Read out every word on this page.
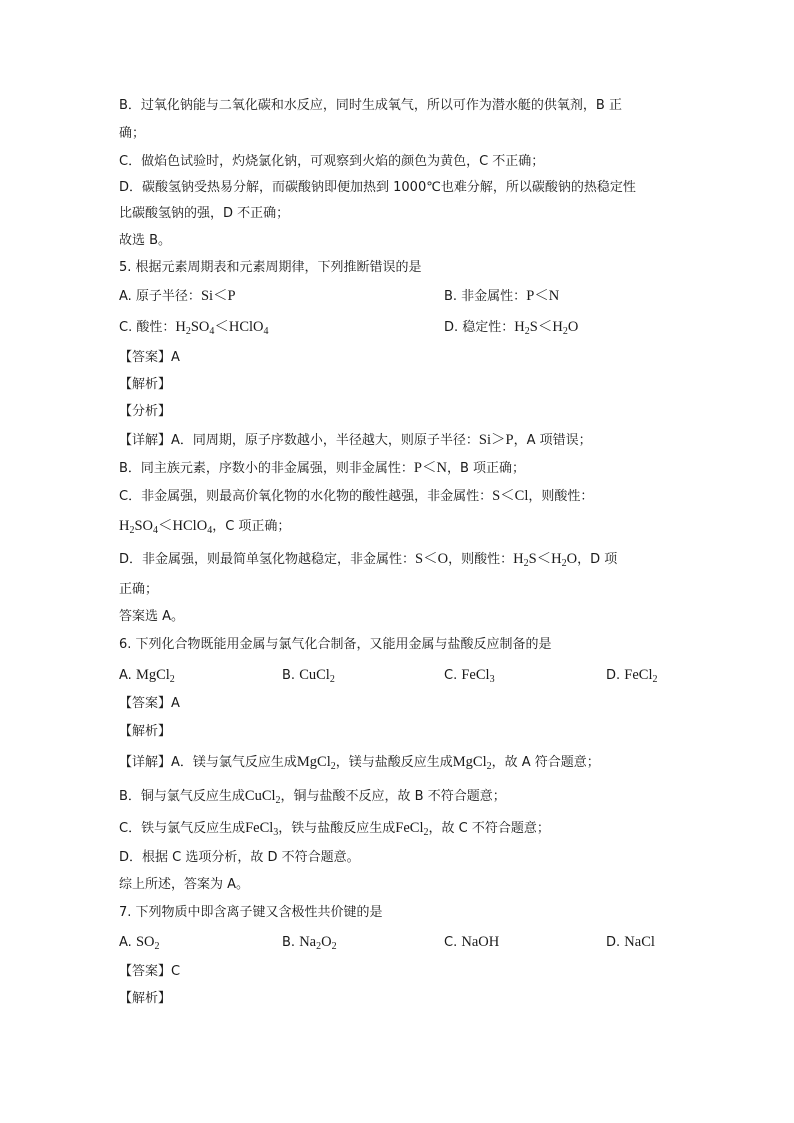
B．过氧化钠能与二氧化碳和水反应，同时生成氧气，所以可作为潜水艇的供氧剂，B 正
确；
C．做焰色试验时，灼烧氯化钠，可观察到火焰的颜色为黄色，C 不正确；
D．碳酸氢钠受热易分解，而碳酸钠即便加热到 1000℃也难分解，所以碳酸钠的热稳定性
比碳酸氢钠的强，D 不正确；
故选 B。
5. 根据元素周期表和元素周期律，下列推断错误的是
A. 原子半径：Si＜P	B. 非金属性：P＜N
C. 酸性：$H_2SO_4<HClO_4$	D. 稳定性：$H_2S<H_2O$
【答案】A
【解析】
【分析】
【详解】A．同周期，原子序数越小，半径越大，则原子半径：Si＞P，A 项错误；
B．同主族元素，序数小的非金属强，则非金属性：P＜N，B 项正确；
C．非金属强，则最高价氧化物的水化物的酸性越强，非金属性：S＜Cl，则酸性：
$H_2SO_4<HClO_4$，C 项正确；
D．非金属强，则最简单氢化物越稳定，非金属性：S＜O，则酸性：$H_2S<H_2O$，D 项
正确；
答案选 A。
6. 下列化合物既能用金属与氯气化合制备，又能用金属与盐酸反应制备的是
A. MgCl$_2$	B. CuCl$_2$	C. FeCl$_3$	D. FeCl$_2$
【答案】A
【解析】
【详解】A．镁与氯气反应生成MgCl$_2$，镁与盐酸反应生成MgCl$_2$，故 A 符合题意；
B．铜与氯气反应生成CuCl$_2$，铜与盐酸不反应，故 B 不符合题意；
C．铁与氯气反应生成FeCl$_3$，铁与盐酸反应生成FeCl$_2$，故 C 不符合题意；
D．根据 C 选项分析，故 D 不符合题意。
综上所述，答案为 A。
7. 下列物质中即含离子键又含极性共价键的是
A. $SO_2$	B. $Na_2O_2$	C. NaOH	D. NaCl
【答案】C
【解析】
